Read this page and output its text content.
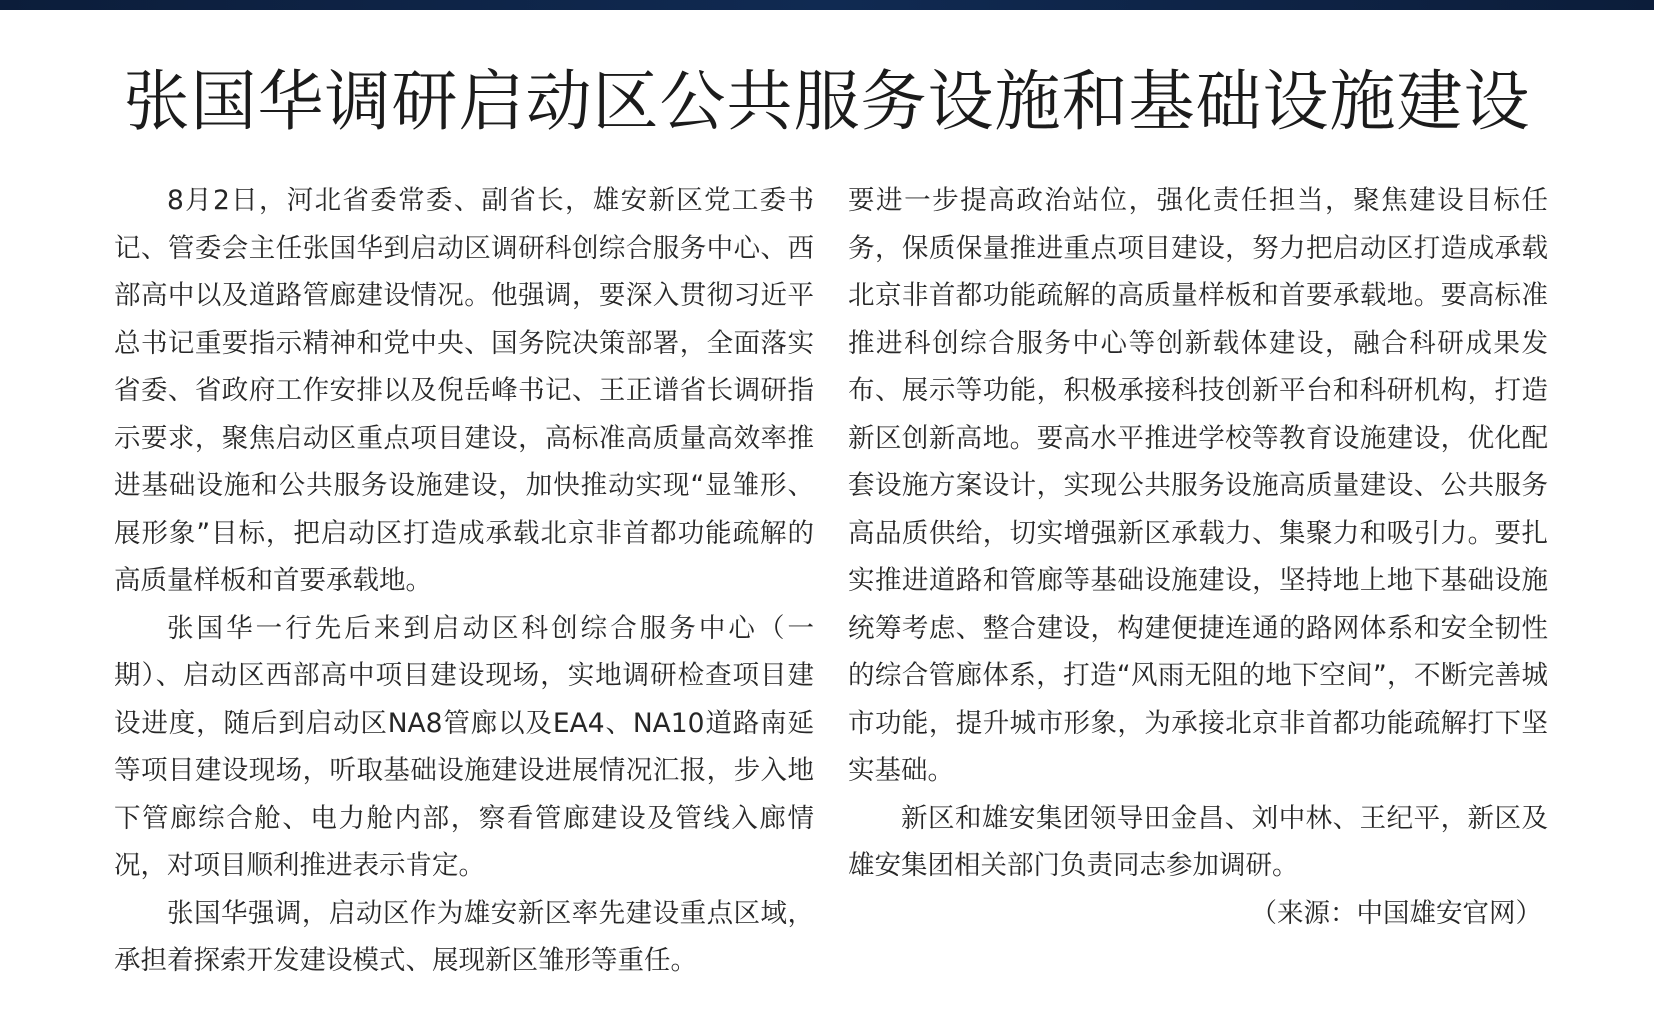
张国华调研启动区公共服务设施和基础设施建设

8月2日，河北省委常委、副省长，雄安新区党工委书记、管委会主任张国华到启动区调研科创综合服务中心、西部高中以及道路管廊建设情况。他强调，要深入贯彻习近平总书记重要指示精神和党中央、国务院决策部署，全面落实省委、省政府工作安排以及倪岳峰书记、王正谱省长调研指示要求，聚焦启动区重点项目建设，高标准高质量高效率推进基础设施和公共服务设施建设，加快推动实现“显雏形、展形象”目标，把启动区打造成承载北京非首都功能疏解的高质量样板和首要承载地。

张国华一行先后来到启动区科创综合服务中心（一期）、启动区西部高中项目建设现场，实地调研检查项目建设进度，随后到启动区NA8管廊以及EA4、NA10道路南延等项目建设现场，听取基础设施建设进展情况汇报，步入地下管廊综合舱、电力舱内部，察看管廊建设及管线入廊情况，对项目顺利推进表示肯定。

张国华强调，启动区作为雄安新区率先建设重点区域，承担着探索开发建设模式、展现新区雏形等重任。

要进一步提高政治站位，强化责任担当，聚焦建设目标任务，保质保量推进重点项目建设，努力把启动区打造成承载北京非首都功能疏解的高质量样板和首要承载地。要高标准推进科创综合服务中心等创新载体建设，融合科研成果发布、展示等功能，积极承接科技创新平台和科研机构，打造新区创新高地。要高水平推进学校等教育设施建设，优化配套设施方案设计，实现公共服务设施高质量建设、公共服务高品质供给，切实增强新区承载力、集聚力和吸引力。要扎实推进道路和管廊等基础设施建设，坚持地上地下基础设施统筹考虑、整合建设，构建便捷连通的路网体系和安全韧性的综合管廊体系，打造“风雨无阻的地下空间”，不断完善城市功能，提升城市形象，为承接北京非首都功能疏解打下坚实基础。

新区和雄安集团领导田金昌、刘中林、王纪平，新区及雄安集团相关部门负责同志参加调研。

（来源：中国雄安官网）
